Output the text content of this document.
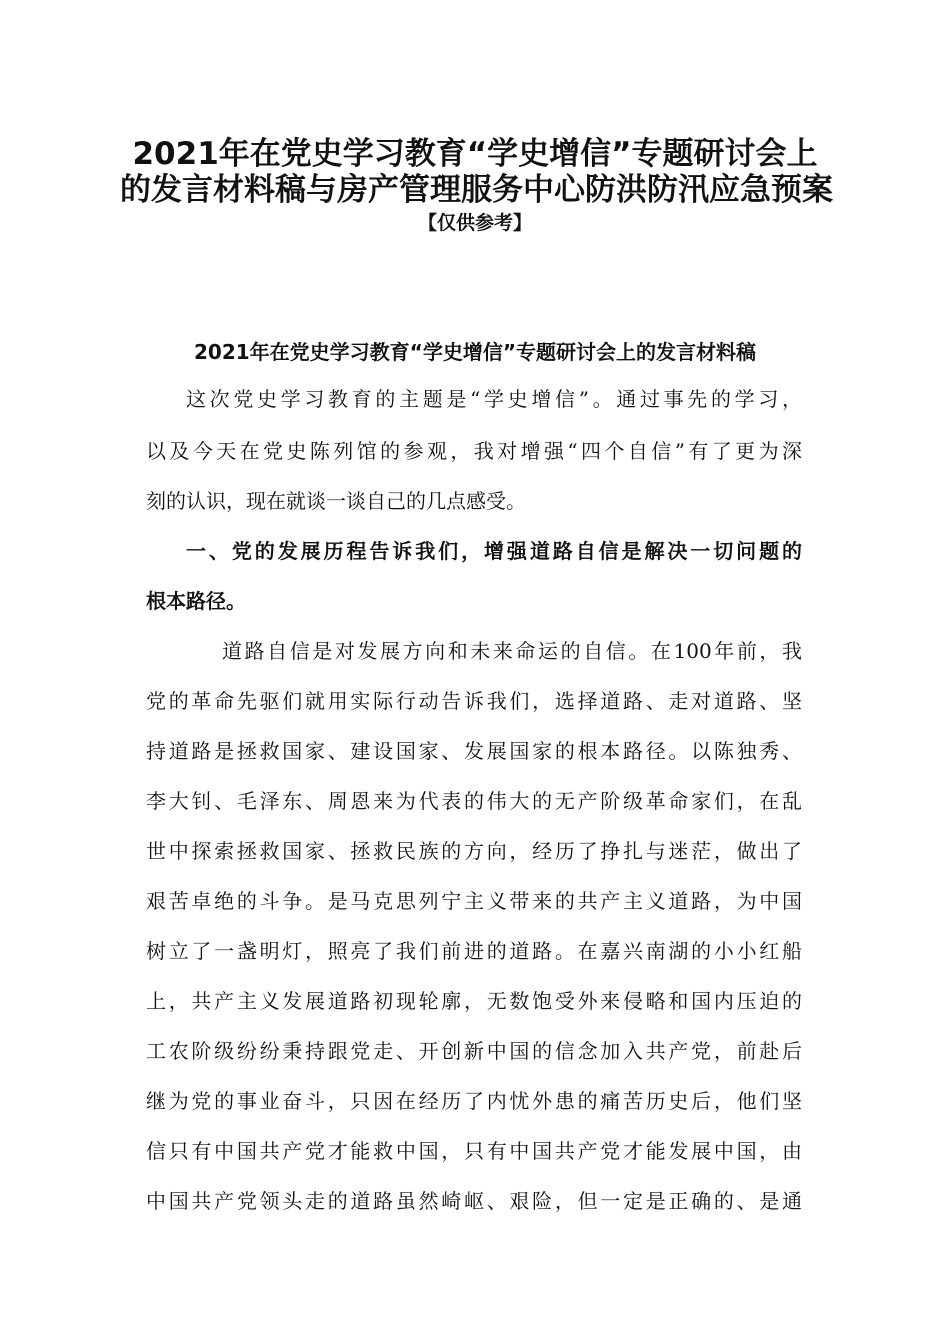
2021年在党史学习教育“学史增信”专题研讨会上
的发言材料稿与房产管理服务中心防洪防汛应急预案
【仅供参考】
2021年在党史学习教育“学史增信”专题研讨会上的发言材料稿
这次党史学习教育的主题是“学史增信”。通过事先的学习，
以及今天在党史陈列馆的参观，我对增强“四个自信”有了更为深
刻的认识，现在就谈一谈自己的几点感受。
一、党的发展历程告诉我们，增强道路自信是解决一切问题的
根本路径。
道路自信是对发展方向和未来命运的自信。在100年前，我
党的革命先驱们就用实际行动告诉我们，选择道路、走对道路、坚
持道路是拯救国家、建设国家、发展国家的根本路径。以陈独秀、
李大钊、毛泽东、周恩来为代表的伟大的无产阶级革命家们，在乱
世中探索拯救国家、拯救民族的方向，经历了挣扎与迷茫，做出了
艰苦卓绝的斗争。是马克思列宁主义带来的共产主义道路，为中国
树立了一盏明灯，照亮了我们前进的道路。在嘉兴南湖的小小红船
上，共产主义发展道路初现轮廓，无数饱受外来侵略和国内压迫的
工农阶级纷纷秉持跟党走、开创新中国的信念加入共产党，前赴后
继为党的事业奋斗，只因在经历了内忧外患的痛苦历史后，他们坚
信只有中国共产党才能救中国，只有中国共产党才能发展中国，由
中国共产党领头走的道路虽然崎岖、艰险，但一定是正确的、是通
